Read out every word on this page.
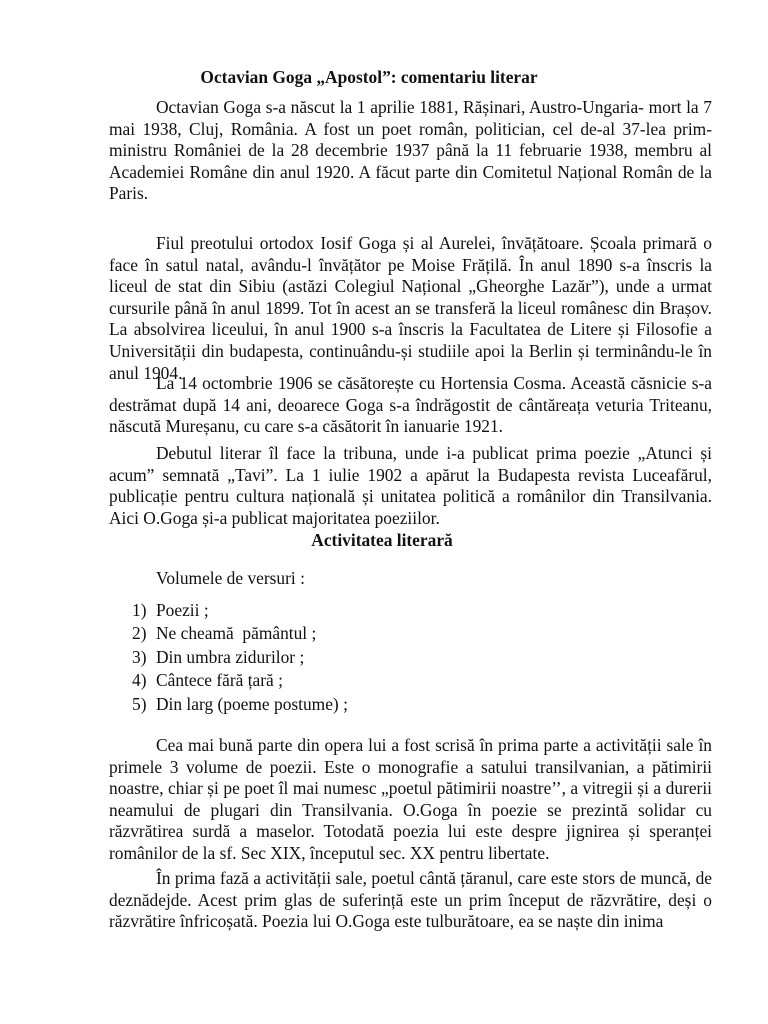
Octavian Goga „Apostol”: comentariu literar

Octavian Goga s-a născut la 1 aprilie 1881, Rășinari, Austro-Ungaria- mort la 7 mai 1938, Cluj, România. A fost un poet român, politician, cel de-al 37-lea prim-ministru României de la 28 decembrie 1937 până la 11 februarie 1938, membru al Academiei Române din anul 1920. A făcut parte din Comitetul Național Român de la Paris.

Fiul preotului ortodox Iosif Goga și al Aurelei, învățătoare. Școala primară o face în satul natal, avându-l învățător pe Moise Frățilă. În anul 1890 s-a înscris la liceul de stat din Sibiu (astăzi Colegiul Național „Gheorghe Lazăr”), unde a urmat cursurile până în anul 1899. Tot în acest an se transferă la liceul românesc din Brașov. La absolvirea liceului, în anul 1900 s-a înscris la Facultatea de Litere și Filosofie a Universității din budapesta, continuându-și studiile apoi la Berlin și terminându-le în anul 1904.

La 14 octombrie 1906 se căsătorește cu Hortensia Cosma. Această căsnicie s-a destrămat după 14 ani, deoarece Goga s-a îndrăgostit de cântăreața veturia Triteanu, născută Mureșanu, cu care s-a căsătorit în ianuarie 1921.

Debutul literar îl face la tribuna, unde i-a publicat prima poezie „Atunci și acum” semnată „Tavi”. La 1 iulie 1902 a apărut la Budapesta revista Luceafărul, publicație pentru cultura națională și unitatea politică a românilor din Transilvania. Aici O.Goga și-a publicat majoritatea poeziilor.

Activitatea literară
Volumele de versuri :
1) Poezii ;
2) Ne cheamă  pământul ;
3) Din umbra zidurilor ;
4) Cântece fără țară ;
5) Din larg (poeme postume) ;

Cea mai bună parte din opera lui a fost scrisă în prima parte a activității sale în primele 3 volume de poezii. Este o monografie a satului transilvanian, a pătimirii noastre, chiar și pe poet îl mai numesc „poetul pătimirii noastre’’, a vitregii și a durerii neamului de plugari din Transilvania. O.Goga în poezie se prezintă solidar cu răzvrătirea surdă a maselor. Totodată poezia lui este despre jignirea și speranței românilor de la sf. Sec XIX, începutul sec. XX pentru libertate.

În prima fază a activității sale, poetul cântă țăranul, care este stors de muncă, de deznădejde. Acest prim glas de suferință este un prim început de răzvrătire, deși o răzvrătire înfricoșată. Poezia lui O.Goga este tulburătoare, ea se naște din inima
